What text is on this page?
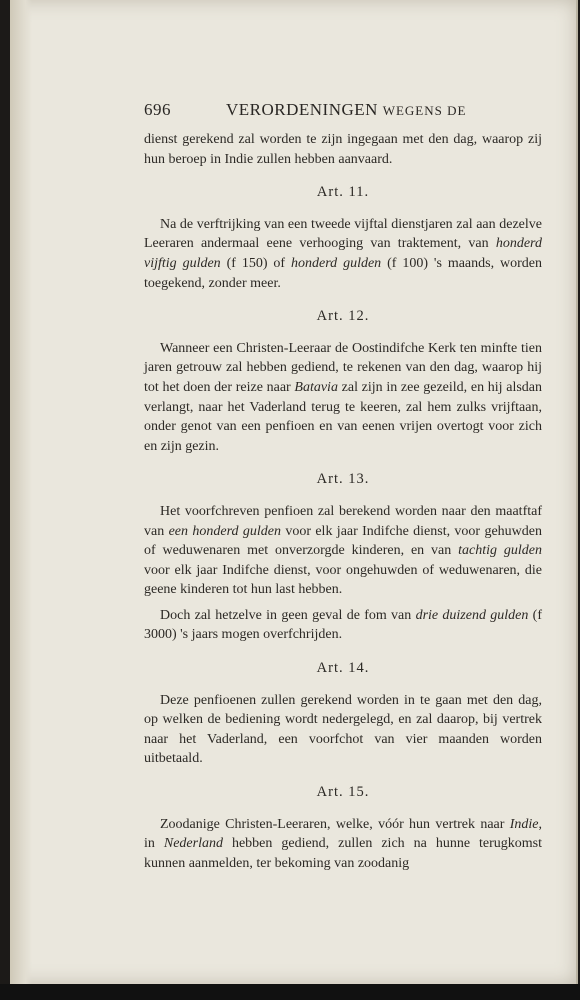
696	VERORDENINGEN WEGENS DE

dienst gerekend zal worden te zijn ingegaan met den dag, waarop zij hun beroep in Indie zullen hebben aanvaard.

Art. 11.

Na de verftrijking van een tweede vijftal dienstjaren zal aan dezelve Leeraren andermaal eene verhooging van traktement, van honderd vijftig gulden (f 150) of honderd gulden (f 100) 's maands, worden toegekend, zonder meer.

Art. 12.

Wanneer een Christen-Leeraar de Oostindifche Kerk ten minfte tien jaren getrouw zal hebben gediend, te rekenen van den dag, waarop hij tot het doen der reize naar Batavia zal zijn in zee gezeild, en hij alsdan verlangt, naar het Vaderland terug te keeren, zal hem zulks vrijftaan, onder genot van een penfioen en van eenen vrijen overtogt voor zich en zijn gezin.

Art. 13.

Het voorfchreven penfioen zal berekend worden naar den maatftaf van een honderd gulden voor elk jaar Indifche dienst, voor gehuwden of weduwenaren met onverzorgde kinderen, en van tachtig gulden voor elk jaar Indifche dienst, voor ongehuwden of weduwenaren, die geene kinderen tot hun last hebben.

Doch zal hetzelve in geen geval de fom van drie duizend gulden (f 3000) 's jaars mogen overfchrijden.

Art. 14.

Deze penfioenen zullen gerekend worden in te gaan met den dag, op welken de bediening wordt nedergelegd, en zal daarop, bij vertrek naar het Vaderland, een voorfchot van vier maanden worden uitbetaald.

Art. 15.

Zoodanige Christen-Leeraren, welke, vóór hun vertrek naar Indie, in Nederland hebben gediend, zullen zich na hunne terugkomst kunnen aanmelden, ter bekoming van zoodanig
